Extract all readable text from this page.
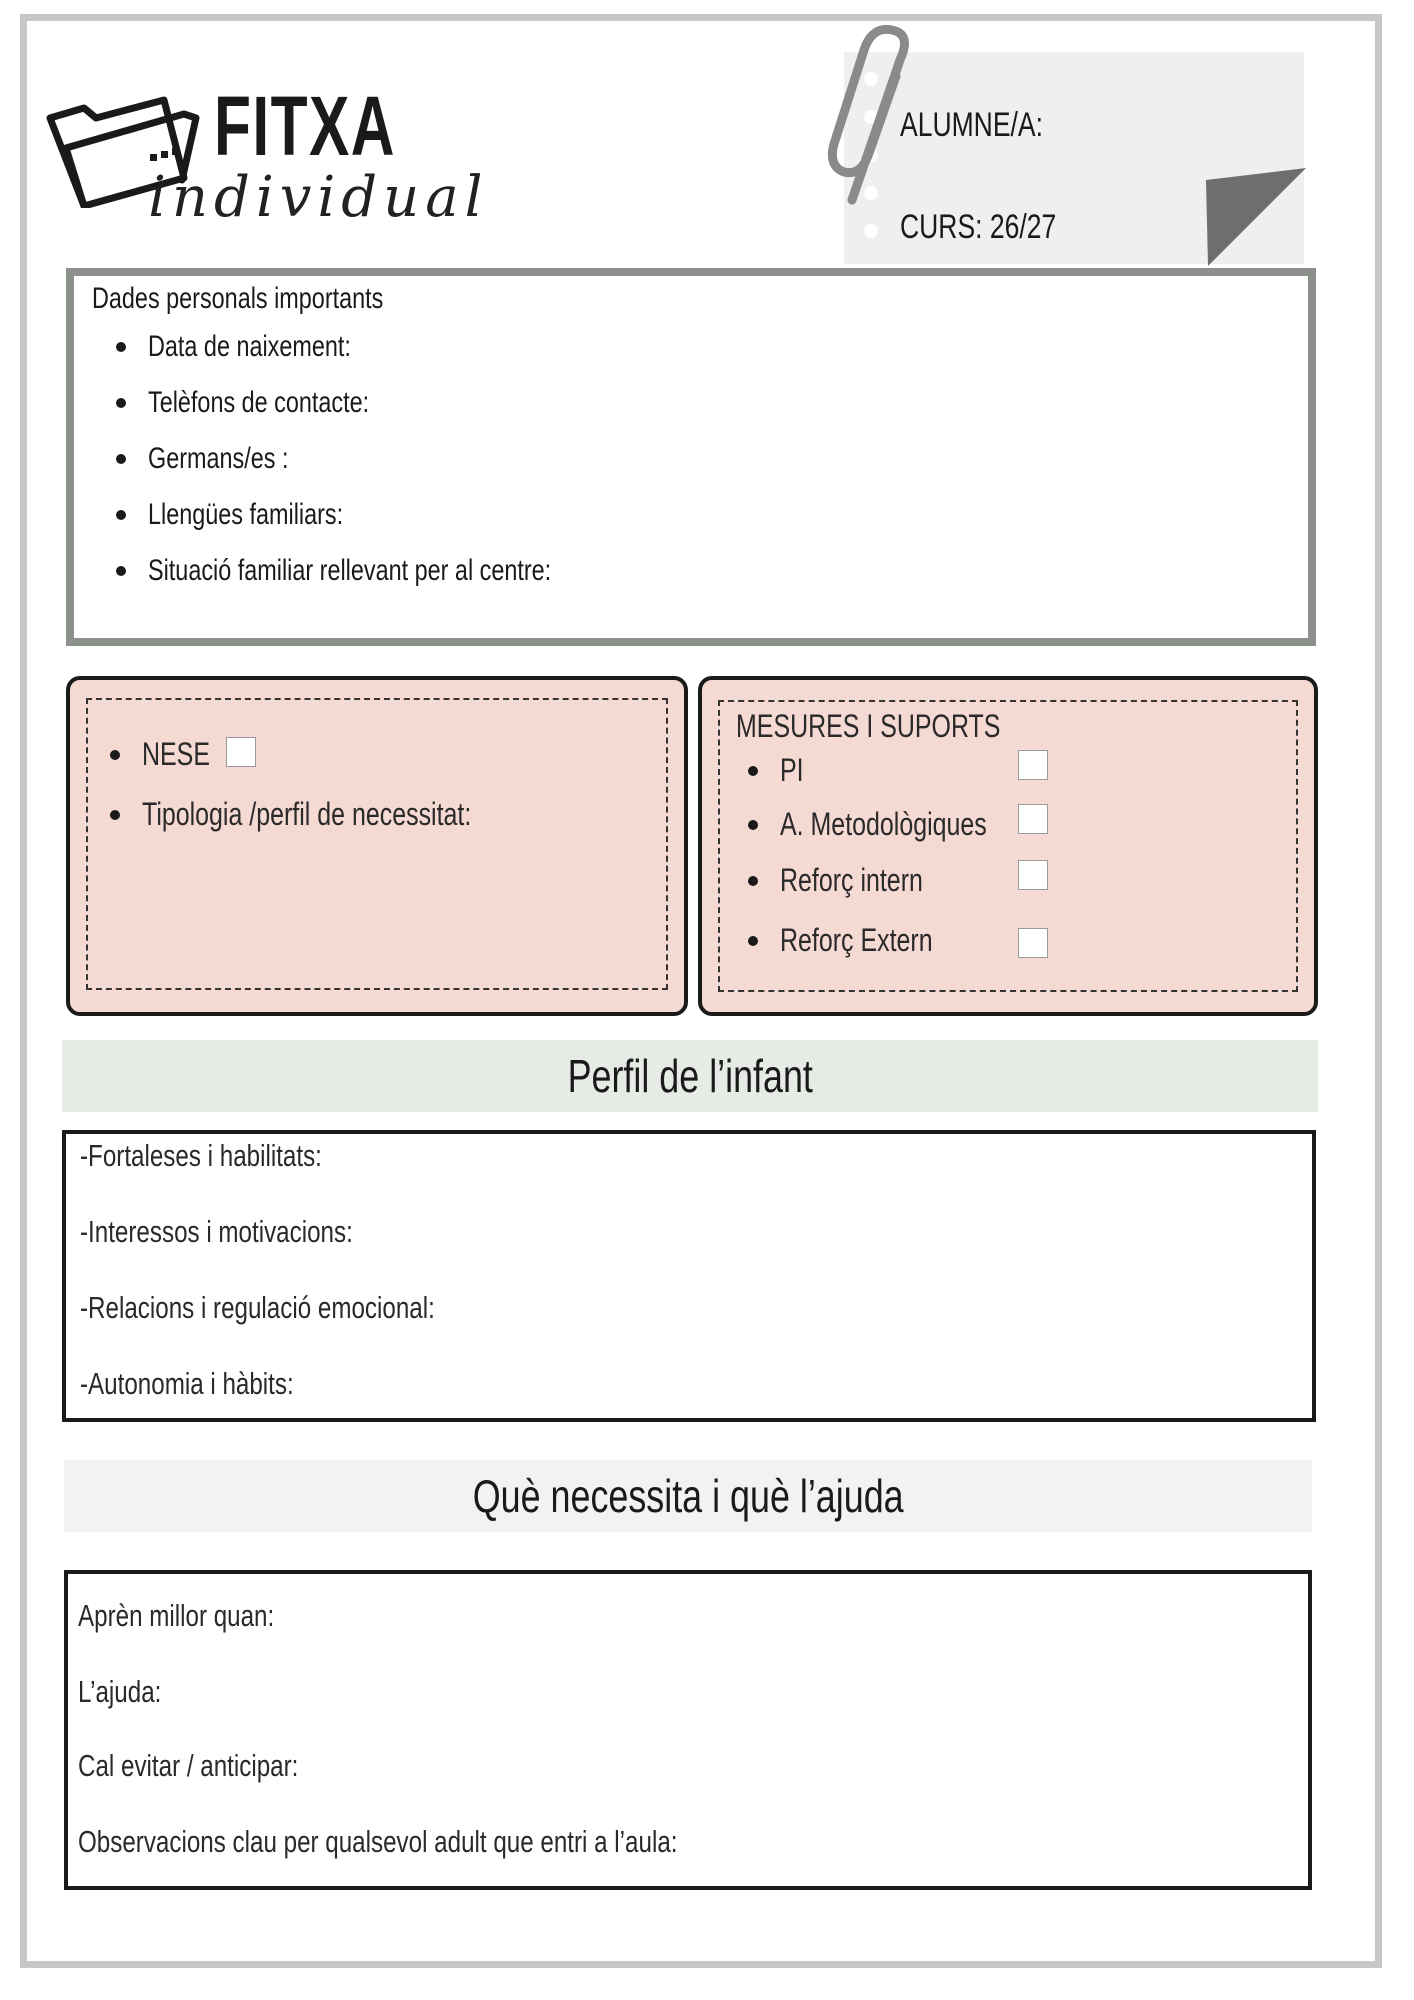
FITXA
individual
ALUMNE/A:
CURS: 26/27
Dades personals importants
Data de naixement:
Telèfons de contacte:
Germans/es :
Llengües familiars:
Situació familiar rellevant per al centre:
NESE
Tipologia /perfil de necessitat:
MESURES I SUPORTS
PI
A. Metodològiques
Reforç intern
Reforç Extern
Perfil de l’infant
-Fortaleses i habilitats:
-Interessos i motivacions:
-Relacions i regulació emocional:
-Autonomia i hàbits:
Què necessita i què l’ajuda
Aprèn millor quan:
L’ajuda:
Cal evitar / anticipar:
Observacions clau per qualsevol adult que entri a l’aula:
